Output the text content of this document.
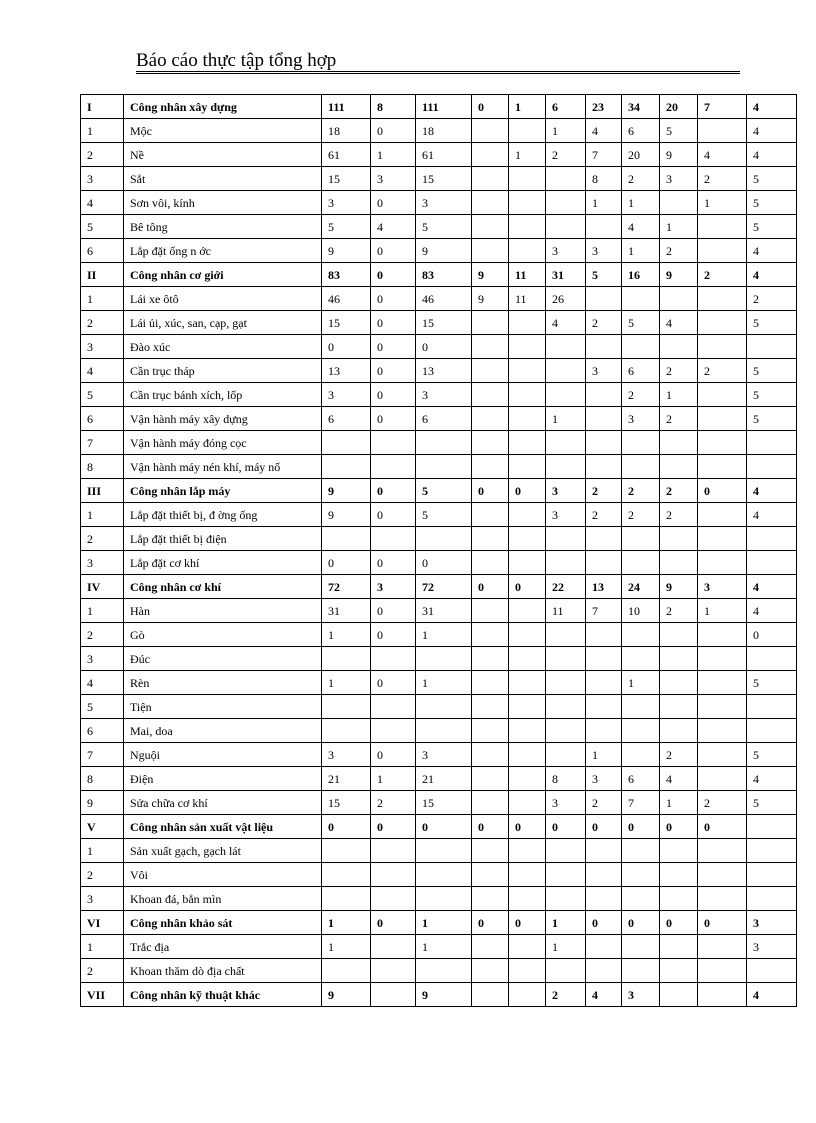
Báo cáo thực tập tổng hợp
I	Công nhân xây dựng	111	8	111	0	1	6	23	34	20	7	4
1	Mộc	18	0	18			1	4	6	5		4
2	Nề	61	1	61		1	2	7	20	9	4	4
3	Sắt	15	3	15				8	2	3	2	5
4	Sơn vôi, kính	3	0	3				1	1		1	5
5	Bê tông	5	4	5					4	1		5
6	Lắp đặt ống n ớc	9	0	9			3	3	1	2		4
II	Công nhân cơ giới	83	0	83	9	11	31	5	16	9	2	4
1	Lái xe ôtô	46	0	46	9	11	26					2
2	Lái ủi, xúc, san, cạp, gạt	15	0	15			4	2	5	4		5
3	Đào xúc	0	0	0								
4	Cần trục tháp	13	0	13				3	6	2	2	5
5	Cần trục bánh xích, lốp	3	0	3					2	1		5
6	Vận hành máy xây dựng	6	0	6			1		3	2		5
7	Vận hành máy đóng cọc											
8	Vận hành máy nén khí, máy nổ											
III	Công nhân lắp máy	9	0	5	0	0	3	2	2	2	0	4
1	Lắp đặt thiết bị, đ ờng ống	9	0	5			3	2	2	2		4
2	Lắp đặt thiết bị điện											
3	Lắp đặt cơ khí	0	0	0								
IV	Công nhân cơ khí	72	3	72	0	0	22	13	24	9	3	4
1	Hàn	31	0	31			11	7	10	2	1	4
2	Gò	1	0	1								0
3	Đúc											
4	Rèn	1	0	1					1			5
5	Tiện											
6	Mai, doa											
7	Nguội	3	0	3				1		2		5
8	Điện	21	1	21			8	3	6	4		4
9	Sửa chữa cơ khí	15	2	15			3	2	7	1	2	5
V	Công nhân sản xuất vật liệu	0	0	0	0	0	0	0	0	0	0	
1	Sản xuất gạch, gạch lát											
2	Vôi											
3	Khoan đá, bắn mìn											
VI	Công nhân khảo sát	1	0	1	0	0	1	0	0	0	0	3
1	Trắc địa	1		1			1					3
2	Khoan thăm dò địa chất											
VII	Công nhân kỹ thuật khác	9		9			2	4	3			4
